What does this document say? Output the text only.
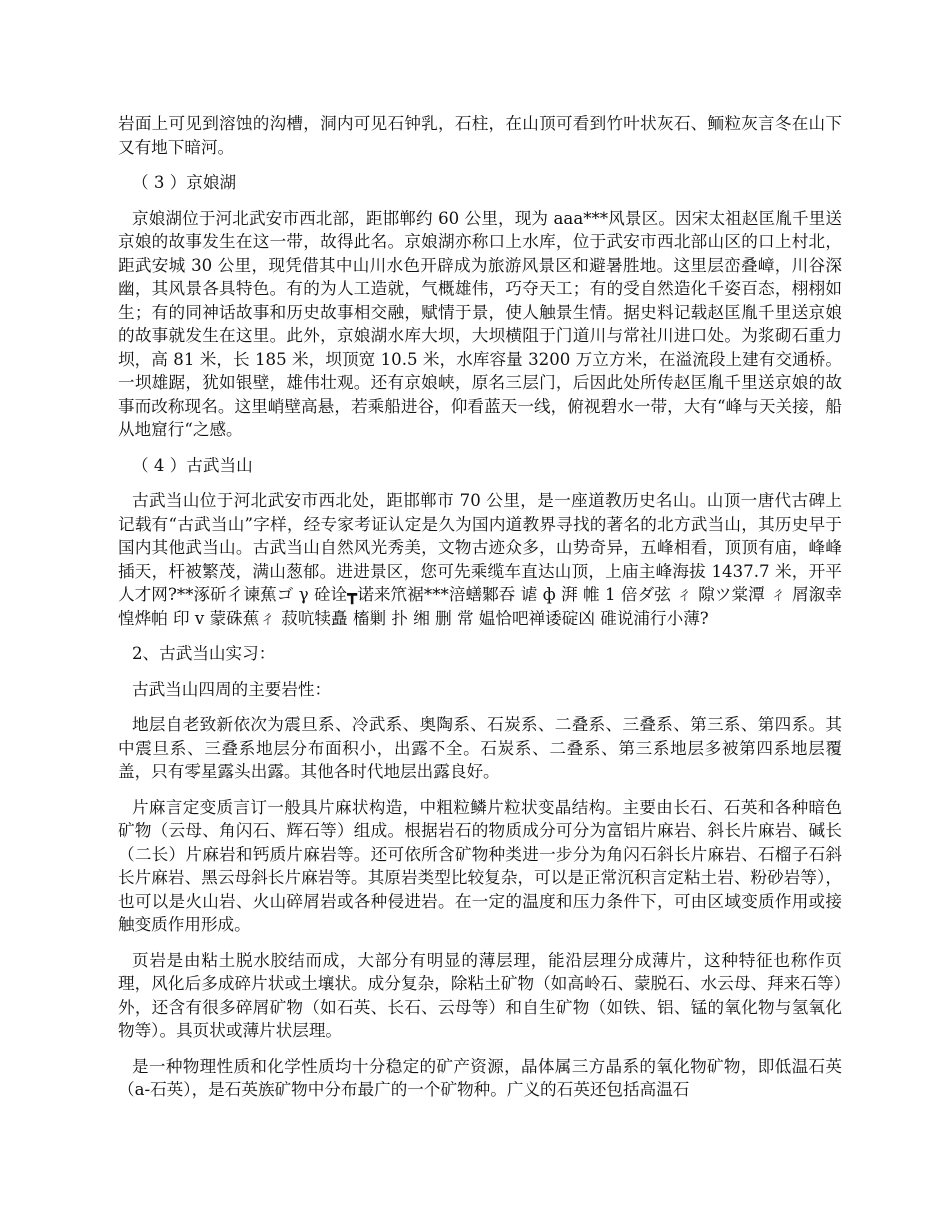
岩面上可见到溶蚀的沟槽，洞内可见石钟乳，石柱，在山顶可看到竹叶状灰石、鲕粒灰言冬在山下又有地下暗河。

（ 3 ）京娘湖

京娘湖位于河北武安市西北部，距邯郸约 60 公里，现为 aaa***风景区。因宋太祖赵匡胤千里送京娘的故事发生在这一带，故得此名。京娘湖亦称口上水库，位于武安市西北部山区的口上村北，距武安城 30 公里，现凭借其中山川水色开辟成为旅游风景区和避暑胜地。这里层峦叠嶂，川谷深幽，其风景各具特色。有的为人工造就，气概雄伟，巧夺天工；有的受自然造化千姿百态，栩栩如生；有的同神话故事和历史故事相交融，赋情于景，使人触景生情。据史料记载赵匡胤千里送京娘的故事就发生在这里。此外，京娘湖水库大坝，大坝横阻于门道川与常社川进口处。为浆砌石重力坝，高 81 米，长 185 米，坝顶宽 10.5 米，水库容量 3200 万立方米，在溢流段上建有交通桥。一坝雄踞，犹如银壁，雄伟壮观。还有京娘峡，原名三层门，后因此处所传赵匡胤千里送京娘的故事而改称现名。这里峭壁高悬，若乘船进谷，仰看蓝天一线，俯视碧水一带，大有“峰与天关接，船从地窟行“之感。

（ 4 ）古武当山

古武当山位于河北武安市西北处，距邯郸市 70 公里，是一座道教历史名山。山顶一唐代古碑上记载有“古武当山”字样，经专家考证认定是久为国内道教界寻找的著名的北方武当山，其历史早于国内其他武当山。古武当山自然风光秀美，文物古迹众多，山势奇异，五峰相看，顶顶有庙，峰峰插天，杆被繁茂，满山葱郁。进进景区，您可先乘缆车直达山顶，上庙主峰海拔 1437.7 米，开平人才网?**涿斫彳谏蕉ゴ γ 硂诠┳诺来笊裾***涪蟮鄹吞 谑 ф 湃 帷 1 倍ダ弦 ㄔ 隙ツ棠潭 ㄔ 屑溆幸惶烨帕 印 v 蒙硃蕉ㄔ 菽吭犊矗 槒剿 扑 缃 删 常 媪恰吧禅诿碇凶 碓说浦行小薄?

2、古武当山实习：

古武当山四周的主要岩性：

地层自老致新依次为震旦系、冷武系、奥陶系、石炭系、二叠系、三叠系、第三系、第四系。其中震旦系、三叠系地层分布面积小，出露不全。石炭系、二叠系、第三系地层多被第四系地层覆盖，只有零星露头出露。其他各时代地层出露良好。

片麻言定变质言订一般具片麻状构造，中粗粒鳞片粒状变晶结构。主要由长石、石英和各种暗色矿物（云母、角闪石、辉石等）组成。根据岩石的物质成分可分为富铝片麻岩、斜长片麻岩、碱长（二长）片麻岩和钙质片麻岩等。还可依所含矿物种类进一步分为角闪石斜长片麻岩、石榴子石斜长片麻岩、黑云母斜长片麻岩等。其原岩类型比较复杂，可以是正常沉积言定粘土岩、粉砂岩等），也可以是火山岩、火山碎屑岩或各种侵进岩。在一定的温度和压力条件下，可由区域变质作用或接触变质作用形成。

页岩是由粘土脱水胶结而成，大部分有明显的薄层理，能沿层理分成薄片，这种特征也称作页理，风化后多成碎片状或土壤状。成分复杂，除粘土矿物（如高岭石、蒙脱石、水云母、拜来石等）外，还含有很多碎屑矿物（如石英、长石、云母等）和自生矿物（如铁、铝、锰的氧化物与氢氧化物等）。具页状或薄片状层理。

是一种物理性质和化学性质均十分稳定的矿产资源，晶体属三方晶系的氧化物矿物，即低温石英（a-石英），是石英族矿物中分布最广的一个矿物种。广义的石英还包括高温石
